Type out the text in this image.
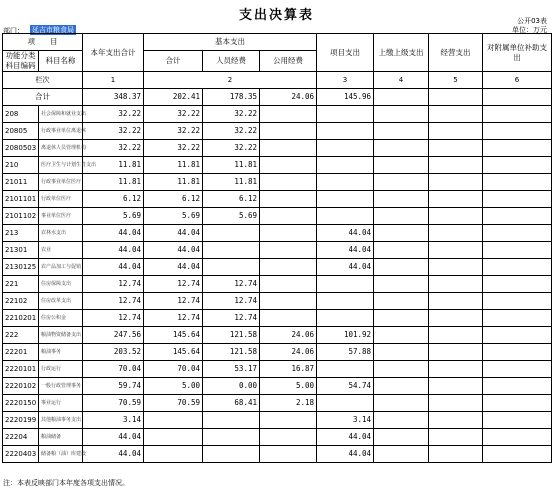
支出决算表	公开03表
单位：万元
部门： 延吉市粮食局
项　　目		本年支出合计	基本支出			项目支出	上缴上级支出	经营支出	对附属单位补助支出
功能分类科目编码	科目名称								
			合计	人员经费	公用经费				
栏次		1	2			3	4	5	6
合计		348.37	202.41	178.35	24.06	145.96			
208	社会保障和就业支出	32.22	32.22	32.22					
20805	行政事业单位离退休	32.22	32.22	32.22					
2080503	离退休人员管理机构	32.22	32.22	32.22					
210	医疗卫生与计划生育支出	11.81	11.81	11.81					
21011	行政事业单位医疗	11.81	11.81	11.81					
2101101	行政单位医疗	6.12	6.12	6.12					
2101102	事业单位医疗	5.69	5.69	5.69					
213	农林水支出	44.04	44.04			44.04			
21301	农业	44.04	44.04			44.04			
2130125	农产品加工与促销	44.04	44.04			44.04			
221	住房保障支出	12.74	12.74	12.74					
22102	住房改革支出	12.74	12.74	12.74					
2210201	住房公积金	12.74	12.74	12.74					
222	粮油物资储备支出	247.56	145.64	121.58	24.06	101.92			
22201	粮油事务	203.52	145.64	121.58	24.06	57.88			
2220101	行政运行	70.04	70.04	53.17	16.87				
2220102	一般行政管理事务	59.74	5.00	0.00	5.00	54.74			
2220150	事业运行	70.59	70.59	68.41	2.18				
2220199	其他粮油事务支出	3.14				3.14			
22204	粮油储备	44.04				44.04			
2220403	储备粮（油）库建设	44.04				44.04			
注：本表反映部门本年度各项支出情况。
